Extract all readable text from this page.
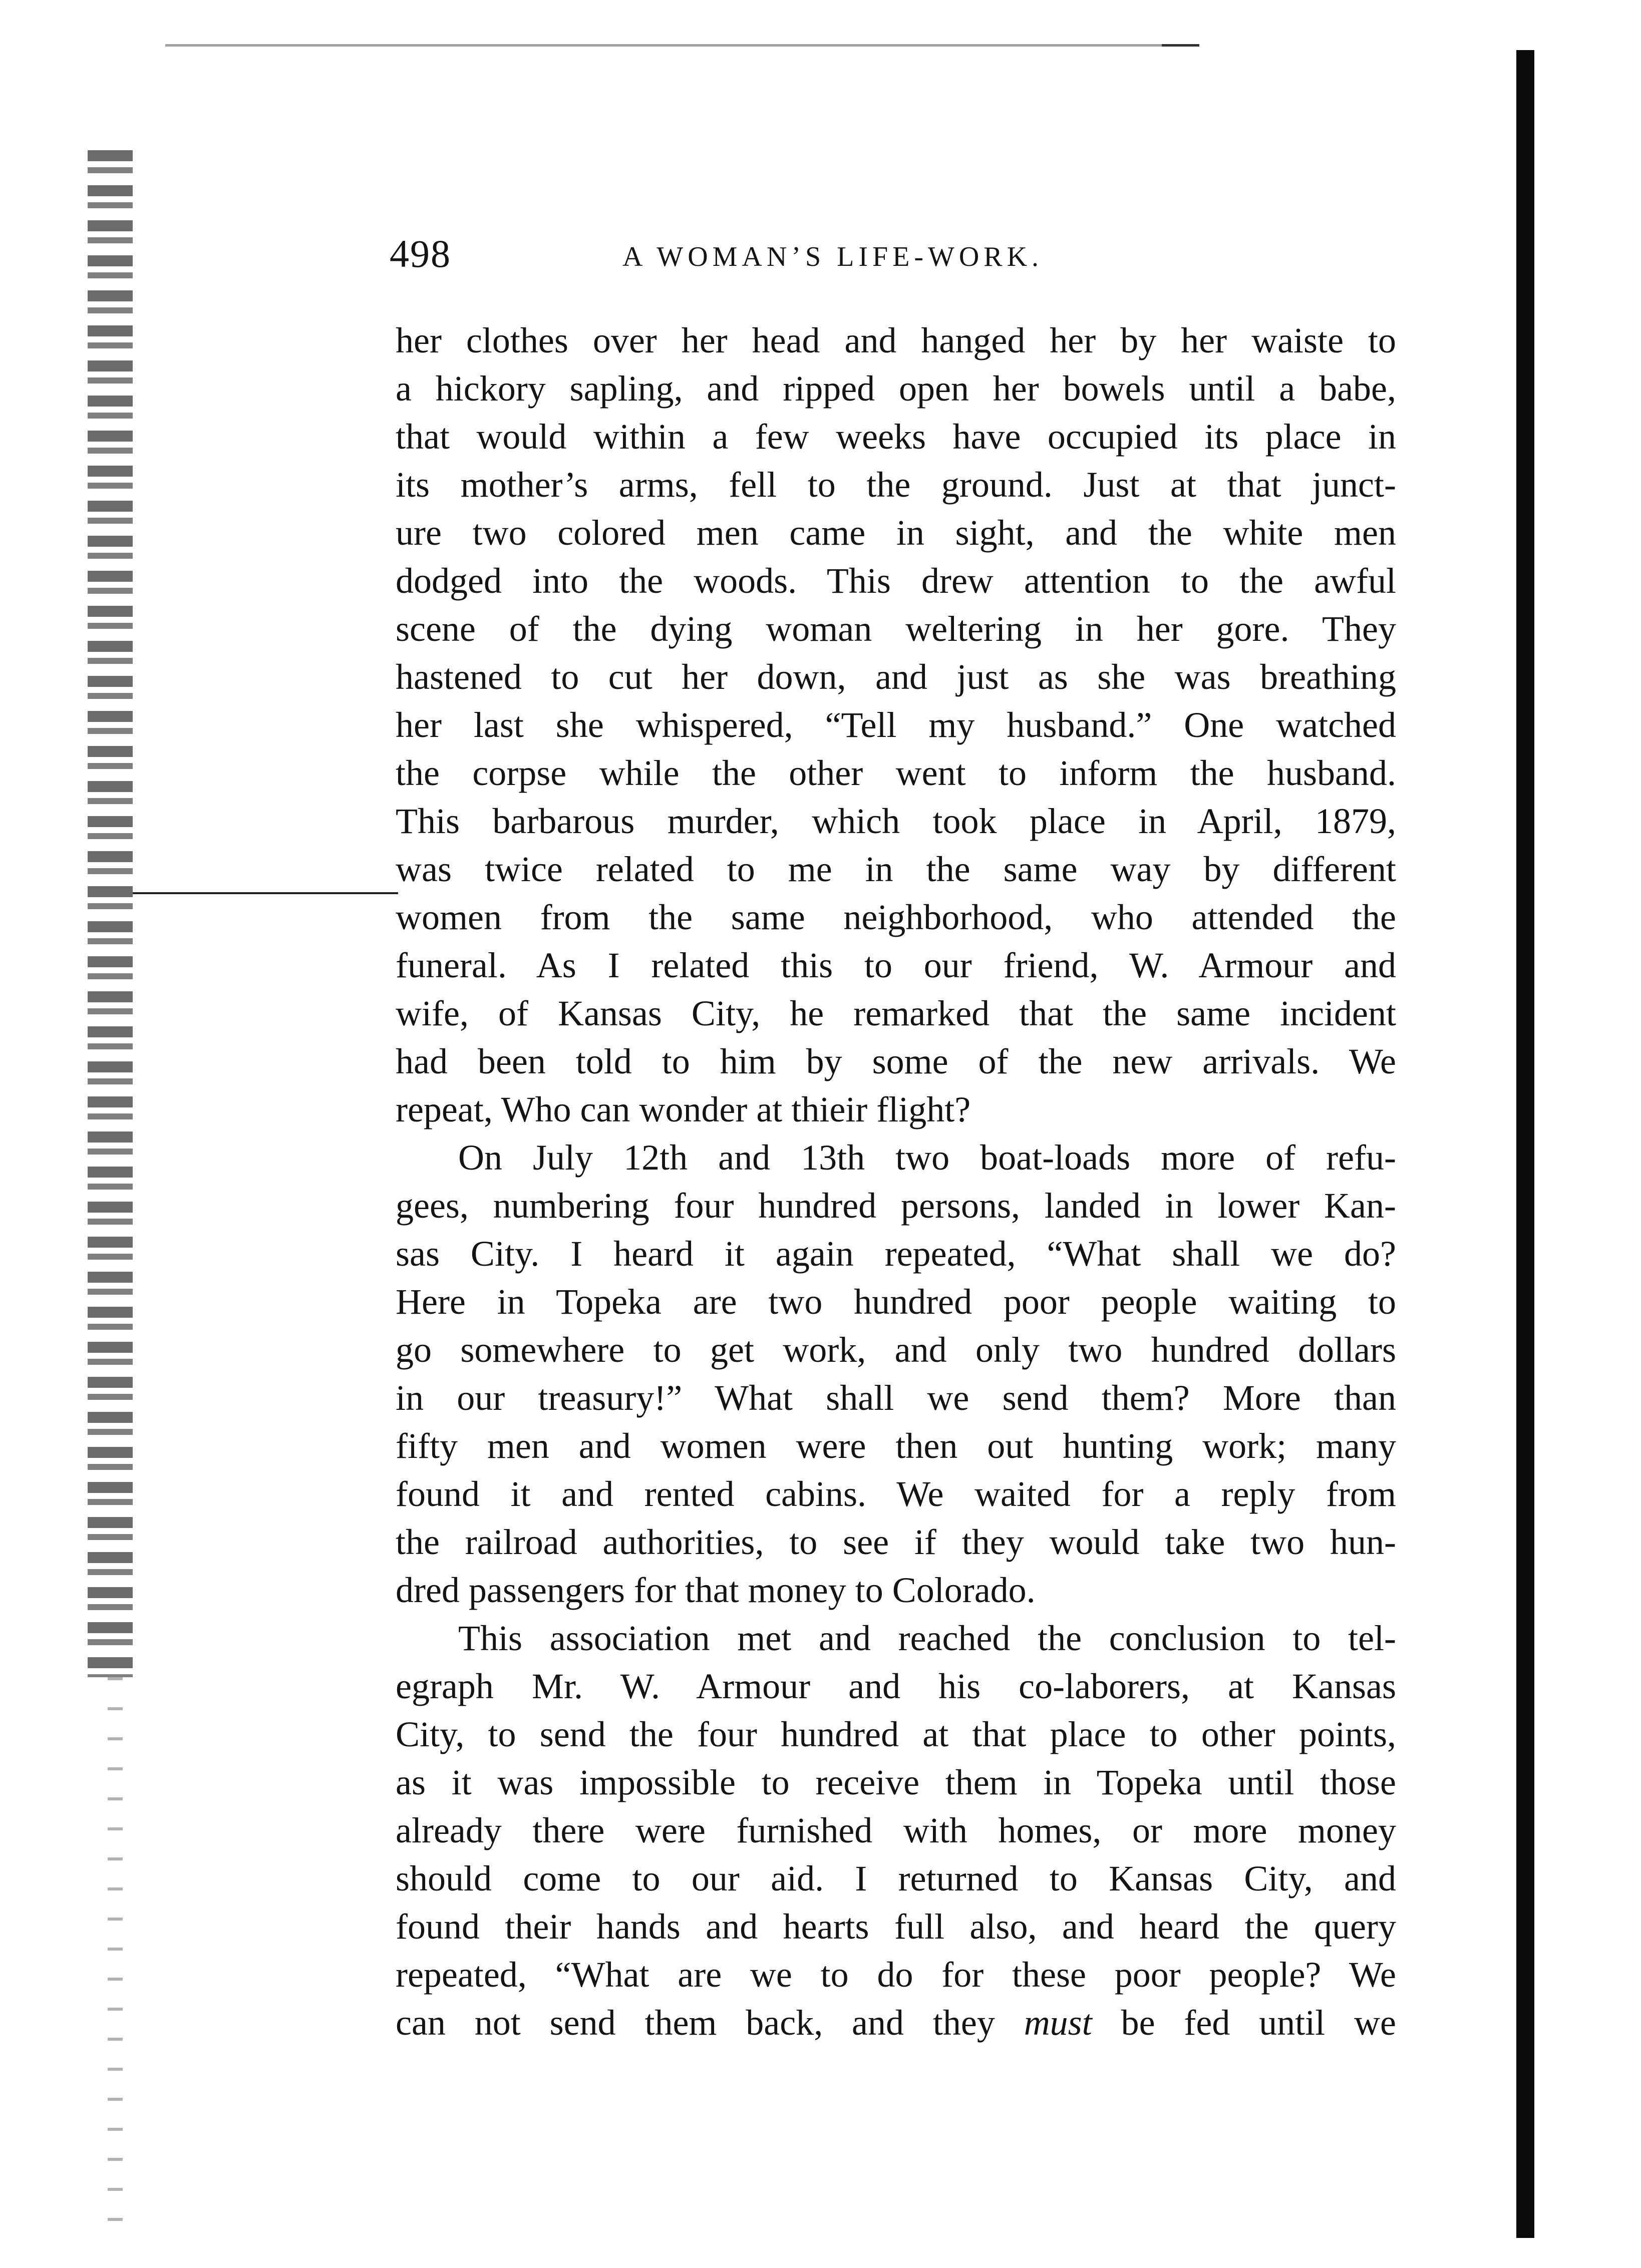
498	A WOMAN’S LIFE-WORK.
her clothes over her head and hanged her by her waiste to
a hickory sapling, and ripped open her bowels until a babe,
that would within a few weeks have occupied its place in
its mother’s arms, fell to the ground. Just at that junct-
ure two colored men came in sight, and the white men
dodged into the woods. This drew attention to the awful
scene of the dying woman weltering in her gore. They
hastened to cut her down, and just as she was breathing
her last she whispered, “Tell my husband.” One watched
the corpse while the other went to inform the husband.
This barbarous murder, which took place in April, 1879,
was twice related to me in the same way by different
women from the same neighborhood, who attended the
funeral. As I related this to our friend, W. Armour and
wife, of Kansas City, he remarked that the same incident
had been told to him by some of the new arrivals. We
repeat, Who can wonder at thieir flight?
On July 12th and 13th two boat-loads more of refu-
gees, numbering four hundred persons, landed in lower Kan-
sas City. I heard it again repeated, “What shall we do?
Here in Topeka are two hundred poor people waiting to
go somewhere to get work, and only two hundred dollars
in our treasury!” What shall we send them? More than
fifty men and women were then out hunting work; many
found it and rented cabins. We waited for a reply from
the railroad authorities, to see if they would take two hun-
dred passengers for that money to Colorado.
This association met and reached the conclusion to tel-
egraph Mr. W. Armour and his co-laborers, at Kansas
City, to send the four hundred at that place to other points,
as it was impossible to receive them in Topeka until those
already there were furnished with homes, or more money
should come to our aid. I returned to Kansas City, and
found their hands and hearts full also, and heard the query
repeated, “What are we to do for these poor people? We
can not send them back, and they must be fed until we
